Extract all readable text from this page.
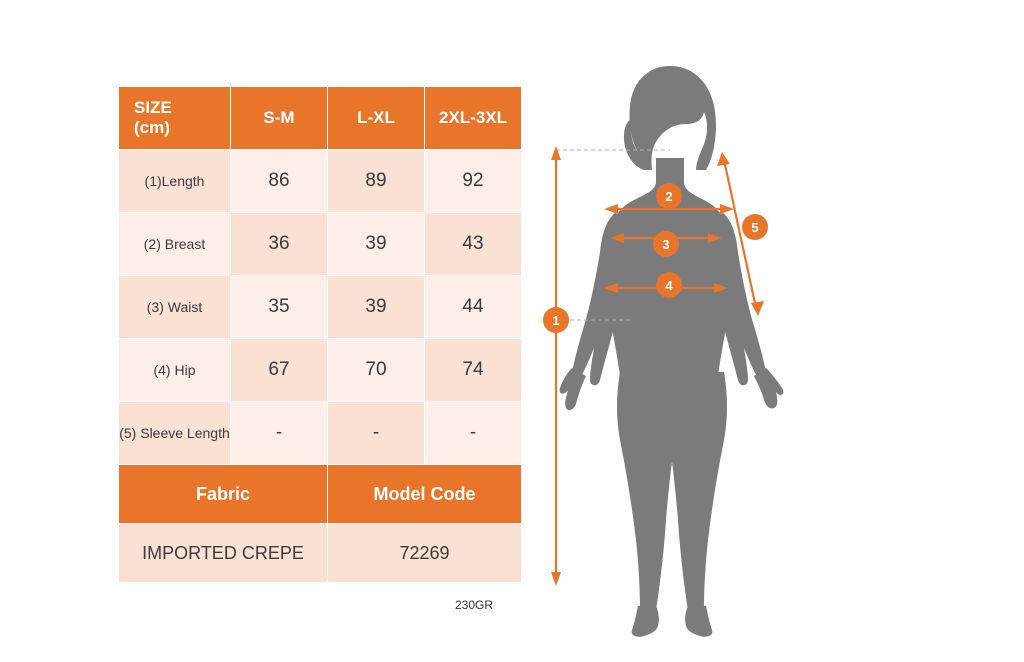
SIZE
(cm)	S-M	L-XL	2XL-3XL
(1)Length	86	89	92
(2) Breast	36	39	43
(3) Waist	35	39	44
(4) Hip	67	70	74
(5) Sleeve Length	-	-	-
Fabric		Model Code	
IMPORTED CREPE		72269	
230GR
1
2
3
4
5
